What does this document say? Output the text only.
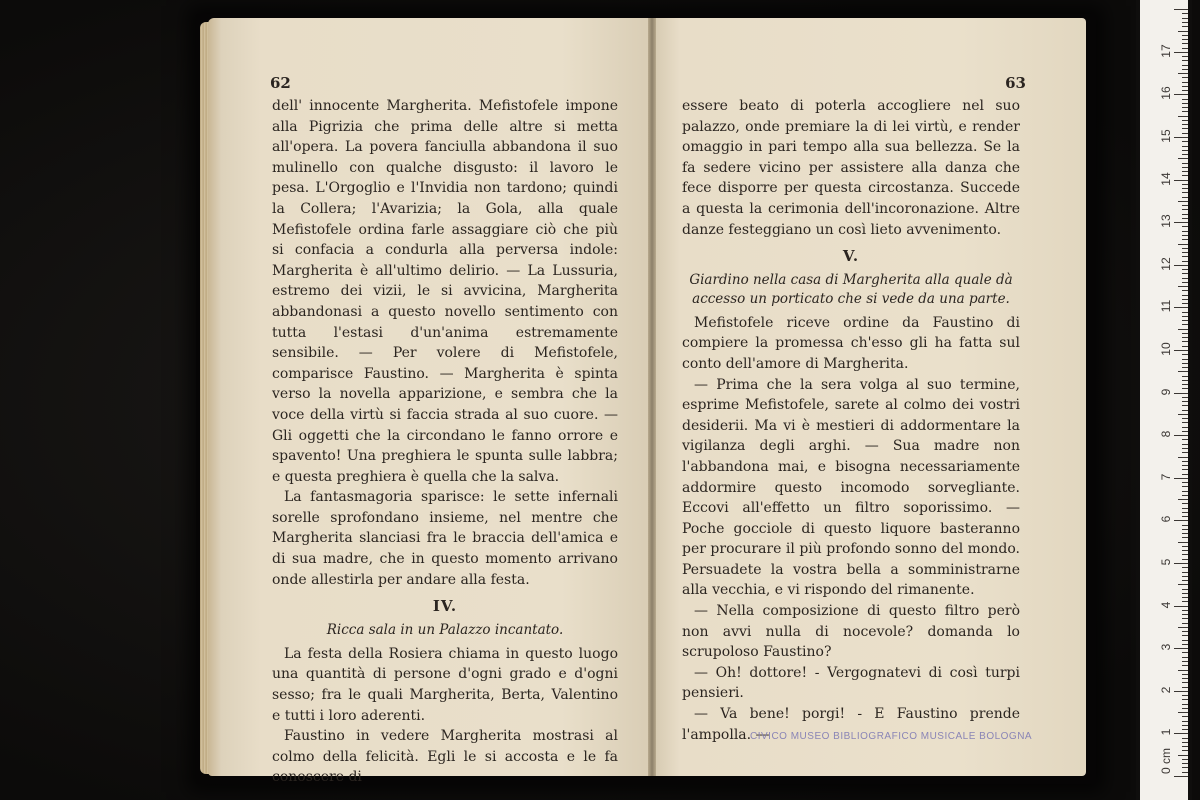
62

dell' innocente Margherita. Mefistofele impone alla Pigrizia che prima delle altre si metta all'opera. La povera fanciulla abbandona il suo mulinello con qualche disgusto: il lavoro le pesa. L'Orgoglio e l'Invidia non tardono; quindi la Collera; l'Avarizia; la Gola, alla quale Mefistofele ordina farle assaggiare ciò che più si confacia a condurla alla perversa indole: Margherita è all'ultimo delirio. — La Lussuria, estremo dei vizii, le si avvicina, Margherita abbandonasi a questo novello sentimento con tutta l'estasi d'un'anima estremamente sensibile. — Per volere di Mefistofele, comparisce Faustino. — Margherita è spinta verso la novella apparizione, e sembra che la voce della virtù si faccia strada al suo cuore. — Gli oggetti che la circondano le fanno orrore e spavento! Una preghiera le spunta sulle labbra; e questa preghiera è quella che la salva.

La fantasmagoria sparisce: le sette infernali sorelle sprofondano insieme, nel mentre che Margherita slanciasi fra le braccia dell'amica e di sua madre, che in questo momento arrivano onde allestirla per andare alla festa.

IV.
Ricca sala in un Palazzo incantato.

La festa della Rosiera chiama in questo luogo una quantità di persone d'ogni grado e d'ogni sesso; fra le quali Margherita, Berta, Valentino e tutti i loro aderenti.

Faustino in vedere Margherita mostrasi al colmo della felicità. Egli le si accosta e le fa conoscere di

63

essere beato di poterla accogliere nel suo palazzo, onde premiare la di lei virtù, e render omaggio in pari tempo alla sua bellezza. Se la fa sedere vicino per assistere alla danza che fece disporre per questa circostanza. Succede a questa la cerimonia dell'incoronazione. Altre danze festeggiano un così lieto avvenimento.

V.
Giardino nella casa di Margherita alla quale dà accesso un porticato che si vede da una parte.

Mefistofele riceve ordine da Faustino di compiere la promessa ch'esso gli ha fatta sul conto dell'amore di Margherita.

— Prima che la sera volga al suo termine, esprime Mefistofele, sarete al colmo dei vostri desiderii. Ma vi è mestieri di addormentare la vigilanza degli arghi. — Sua madre non l'abbandona mai, e bisogna necessariamente addormire questo incomodo sorvegliante. Eccovi all'effetto un filtro soporissimo. — Poche gocciole di questo liquore basteranno per procurare il più profondo sonno del mondo. Persuadete la vostra bella a somministrarne alla vecchia, e vi rispondo del rimanente.

— Nella composizione di questo filtro però non avvi nulla di nocevole? domanda lo scrupoloso Faustino?

— Oh! dottore! - Vergognatevi di così turpi pensieri.

— Va bene! porgi! - E Faustino prende l'ampolla. —

CIVICO MUSEO BIBLIOGRAFICO MUSICALE BOLOGNA
0 cm
1
2
3
4
5
6
7
8
9
10
11
12
13
14
15
16
17
